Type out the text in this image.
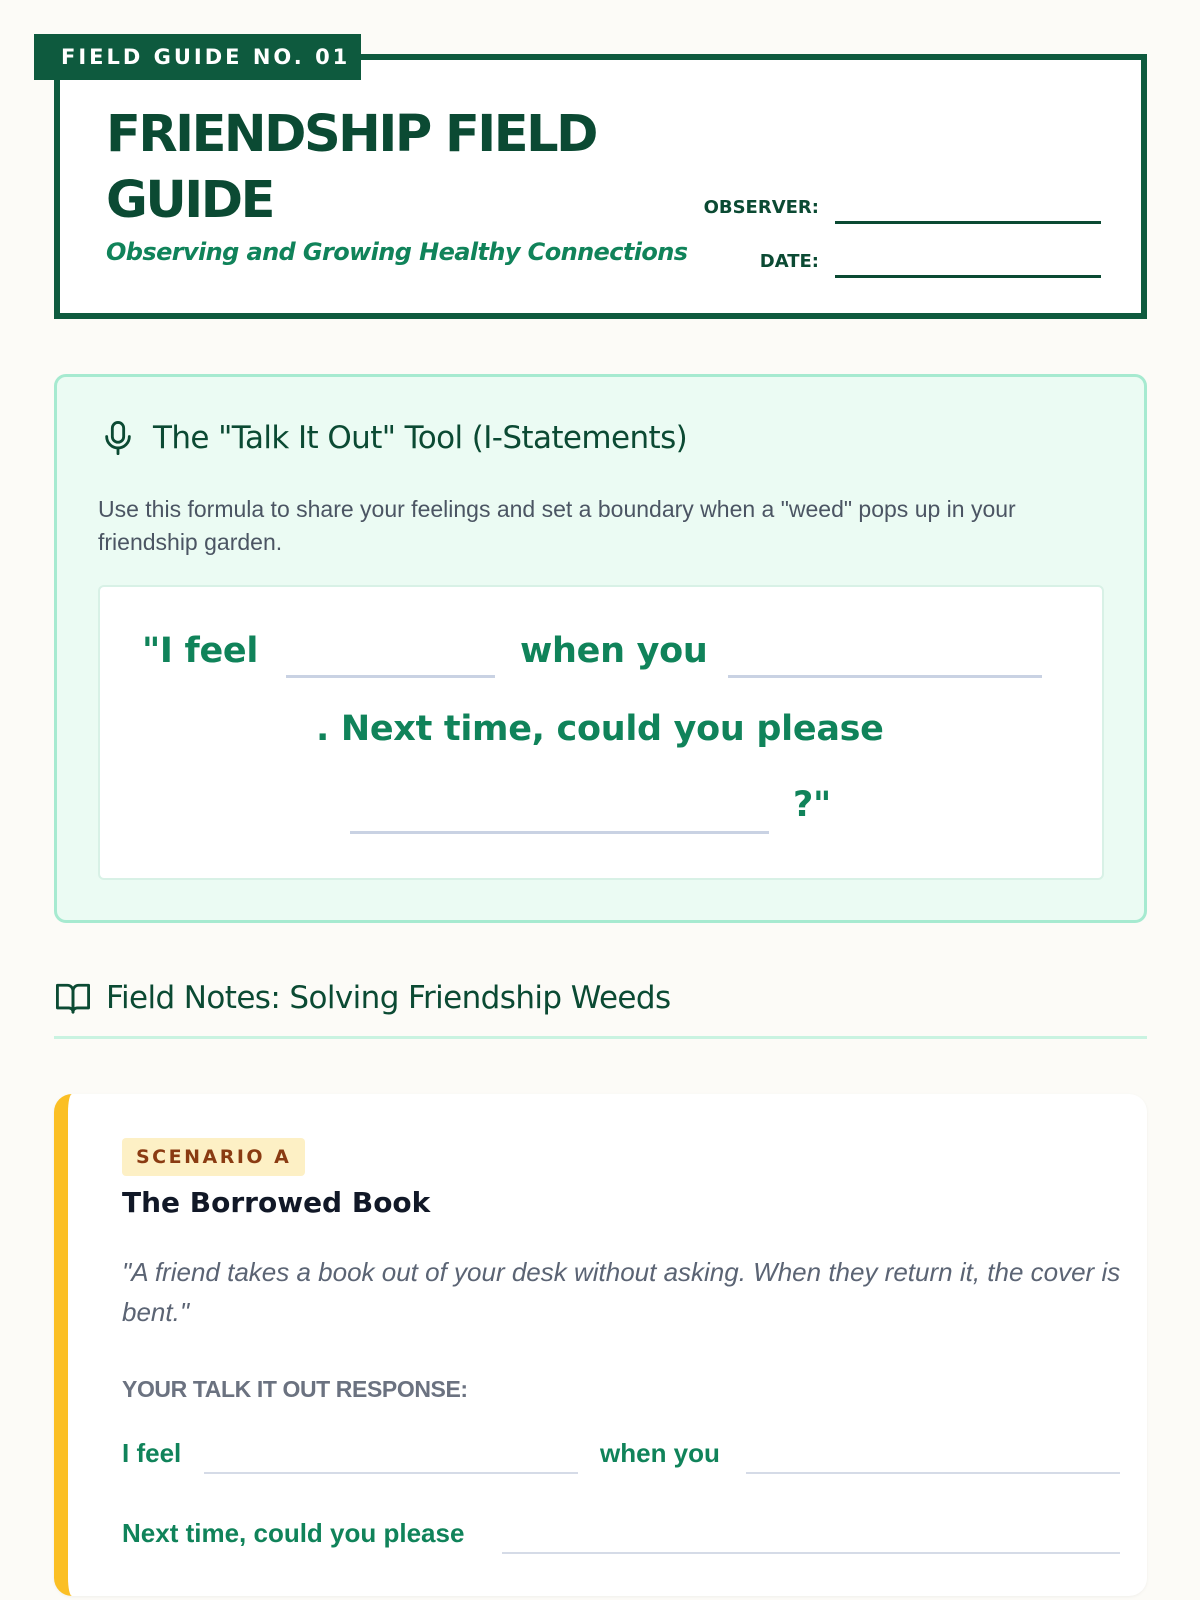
FIELD GUIDE NO. 01
FRIENDSHIP FIELD GUIDE
Observing and Growing Healthy Connections
OBSERVER:
DATE:
The "Talk It Out" Tool (I-Statements)

Use this formula to share your feelings and set a boundary when a "weed" pops up in your friendship garden.

"I feel	when you
. Next time, could you please
?"
Field Notes: Solving Friendship Weeds
SCENARIO A
The Borrowed Book

"A friend takes a book out of your desk without asking. When they return it, the cover is bent."

YOUR TALK IT OUT RESPONSE:
I feel	when you
Next time, could you please
